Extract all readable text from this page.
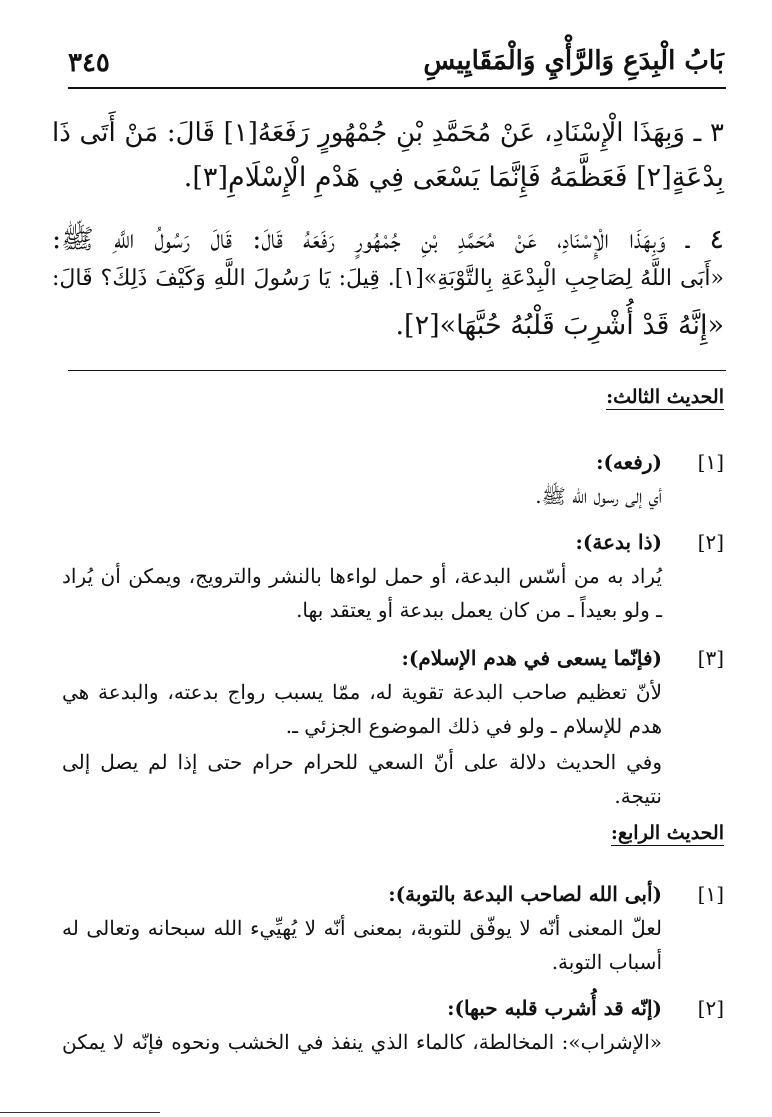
بَابُ الْبِدَعِ وَالرَّأْيِ وَالْمَقَايِيسِ
٣٤٥
٣ ـ وَبِهَذَا الْإِسْنَادِ، عَنْ مُحَمَّدِ بْنِ جُمْهُورٍ رَفَعَهُ[١] قَالَ: مَنْ أَتَى ذَا
بِدْعَةٍ[٢] فَعَظَّمَهُ فَإِنَّمَا يَسْعَى فِي هَدْمِ الْإِسْلَامِ[٣].
٤ ـ وَبِهَذَا الْإِسْنَادِ، عَنْ مُحَمَّدِ بْنِ جُمْهُورٍ رَفَعَهُ قَالَ: قَالَ رَسُولُ اللَّهِ ﷺ:
«أَبَى اللَّهُ لِصَاحِبِ الْبِدْعَةِ بِالتَّوْبَةِ»[١]. قِيلَ: يَا رَسُولَ اللَّهِ وَكَيْفَ ذَلِكَ؟ قَالَ:
«إِنَّهُ قَدْ أُشْرِبَ قَلْبُهُ حُبَّهَا»[٢].
الحديث الثالث:
[١]
(رفعه):
أي إلى رسول الله ﷺ.
[٢]
(ذا بدعة):
يُراد به من أسّس البدعة، أو حمل لواءها بالنشر والترويج، ويمكن أن يُراد
ـ ولو بعيداً ـ من كان يعمل ببدعة أو يعتقد بها.
[٣]
(فإنّما يسعى في هدم الإسلام):
لأنّ تعظيم صاحب البدعة تقوية له، ممّا يسبب رواج بدعته، والبدعة هي
هدم للإسلام ـ ولو في ذلك الموضوع الجزئي ـ.
وفي الحديث دلالة على أنّ السعي للحرام حرام حتى إذا لم يصل إلى
نتيجة.
الحديث الرابع:
[١]
(أبى الله لصاحب البدعة بالتوبة):
لعلّ المعنى أنّه لا يوفّق للتوبة، بمعنى أنّه لا يُهيِّيء الله سبحانه وتعالى له
أسباب التوبة.
[٢]
(إنّه قد أُشرب قلبه حبها):
«الإشراب»: المخالطة، كالماء الذي ينفذ في الخشب ونحوه فإنّه لا يمكن
